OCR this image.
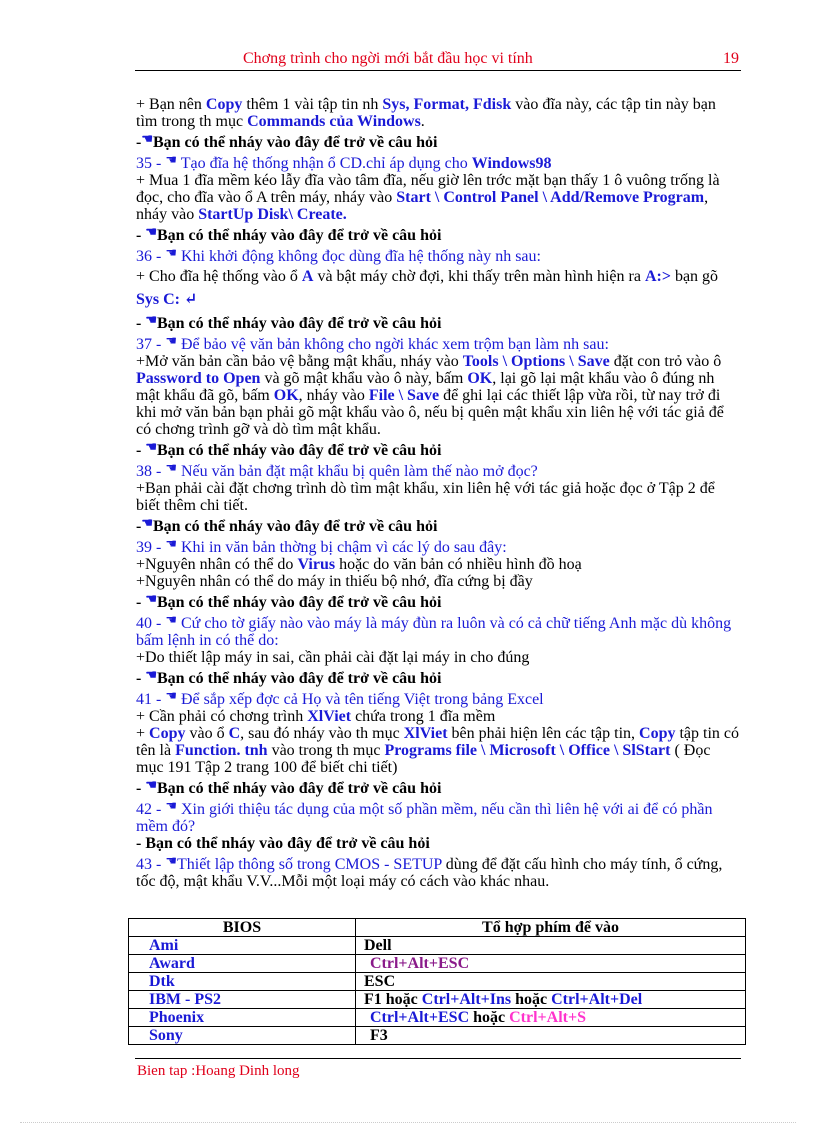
Chơng trình cho ngời mới bắt đầu học vi tính	19

+ Bạn nên Copy thêm 1 vài tập tin nh Sys, Format, Fdisk vào đĩa này, các tập tin này bạn tìm trong th mục Commands của Windows.

-☚Bạn có thể nháy vào đây để trở về câu hỏi

35 - ☚ Tạo đĩa hệ thống nhận ổ CD.chỉ áp dụng cho Windows98

+ Mua 1 đĩa mềm kéo lẫy đĩa vào tâm đĩa, nếu giờ lên trớc mặt bạn thấy 1 ô vuông trống là đọc, cho đĩa vào ổ A trên máy, nháy vào Start \ Control Panel \ Add/Remove Program, nháy vào StartUp Disk\ Create.

- ☚Bạn có thể nháy vào đây để trở về câu hỏi

36 - ☚ Khi khởi động không đọc dùng đĩa hệ thống này nh sau:

+ Cho đĩa hệ thống vào ổ A và bật máy chờ đợi, khi thấy trên màn hình hiện ra A:> bạn gõ Sys C: ↵

- ☚Bạn có thể nháy vào đây để trở về câu hỏi

37 - ☚ Để bảo vệ văn bản không cho ngời khác xem trộm bạn làm nh sau:

+Mở văn bản cần bảo vệ bằng mật khẩu, nháy vào Tools \ Options \ Save đặt con trỏ vào ô Password to Open và gõ mật khẩu vào ô này, bấm OK, lại gõ lại mật khẩu vào ô đúng nh mật khẩu đã gõ, bấm OK, nháy vào File \ Save để ghi lại các thiết lập vừa rồi, từ nay trở đi khi mở văn bản bạn phải gõ mật khẩu vào ô, nếu bị quên mật khẩu xin liên hệ với tác giả để có chơng trình gỡ và dò tìm mật khẩu.

- ☚Bạn có thể nháy vào đây để trở về câu hỏi

38 - ☚ Nếu văn bản đặt mật khẩu bị quên làm thế nào mở đọc?

+Bạn phải cài đặt chơng trình dò tìm mật khẩu, xin liên hệ với tác giả hoặc đọc ở Tập 2 để biết thêm chi tiết.

-☚Bạn có thể nháy vào đây để trở về câu hỏi

39 - ☚ Khi in văn bản thờng bị chậm vì các lý do sau đây:

+Nguyên nhân có thể do Virus hoặc do văn bản có nhiều hình đồ hoạ

+Nguyên nhân có thể do máy in thiếu bộ nhớ, đĩa cứng bị đầy

- ☚Bạn có thể nháy vào đây để trở về câu hỏi

40 - ☚ Cứ cho tờ giấy nào vào máy là máy đùn ra luôn và có cả chữ tiếng Anh mặc dù không bấm lệnh in có thể do:

+Do thiết lập máy in sai, cần phải cài đặt lại máy in cho đúng

- ☚Bạn có thể nháy vào đây để trở về câu hỏi

41 - ☚ Để sắp xếp đợc cả Họ và tên tiếng Việt trong bảng Excel

+ Cần phải có chơng trình XlViet chứa trong 1 đĩa mềm

+ Copy vào ổ C, sau đó nháy vào th mục XlViet bên phải hiện lên các tập tin, Copy tập tin có tên là Function. tnh vào trong th mục Programs file \ Microsoft \ Office \ SlStart ( Đọc mục 191 Tập 2 trang 100 để biết chi tiết)

- ☚Bạn có thể nháy vào đây để trở về câu hỏi

42 - ☚ Xin giới thiệu tác dụng của một số phần mềm, nếu cần thì liên hệ với ai để có phần mềm đó?

- Bạn có thể nháy vào đây để trở về câu hỏi

43 - ☚Thiết lập thông số trong CMOS - SETUP dùng để đặt cấu hình cho máy tính, ổ cứng, tốc độ, mật khẩu V.V...Mỗi một loại máy có cách vào khác nhau.

BIOS	Tổ hợp phím để vào
Ami	Dell
Award	Ctrl+Alt+ESC
Dtk	ESC
IBM - PS2	F1 hoặc Ctrl+Alt+Ins hoặc Ctrl+Alt+Del
Phoenix	Ctrl+Alt+ESC hoặc Ctrl+Alt+S
Sony	F3
Bien tap :Hoang Dinh long
